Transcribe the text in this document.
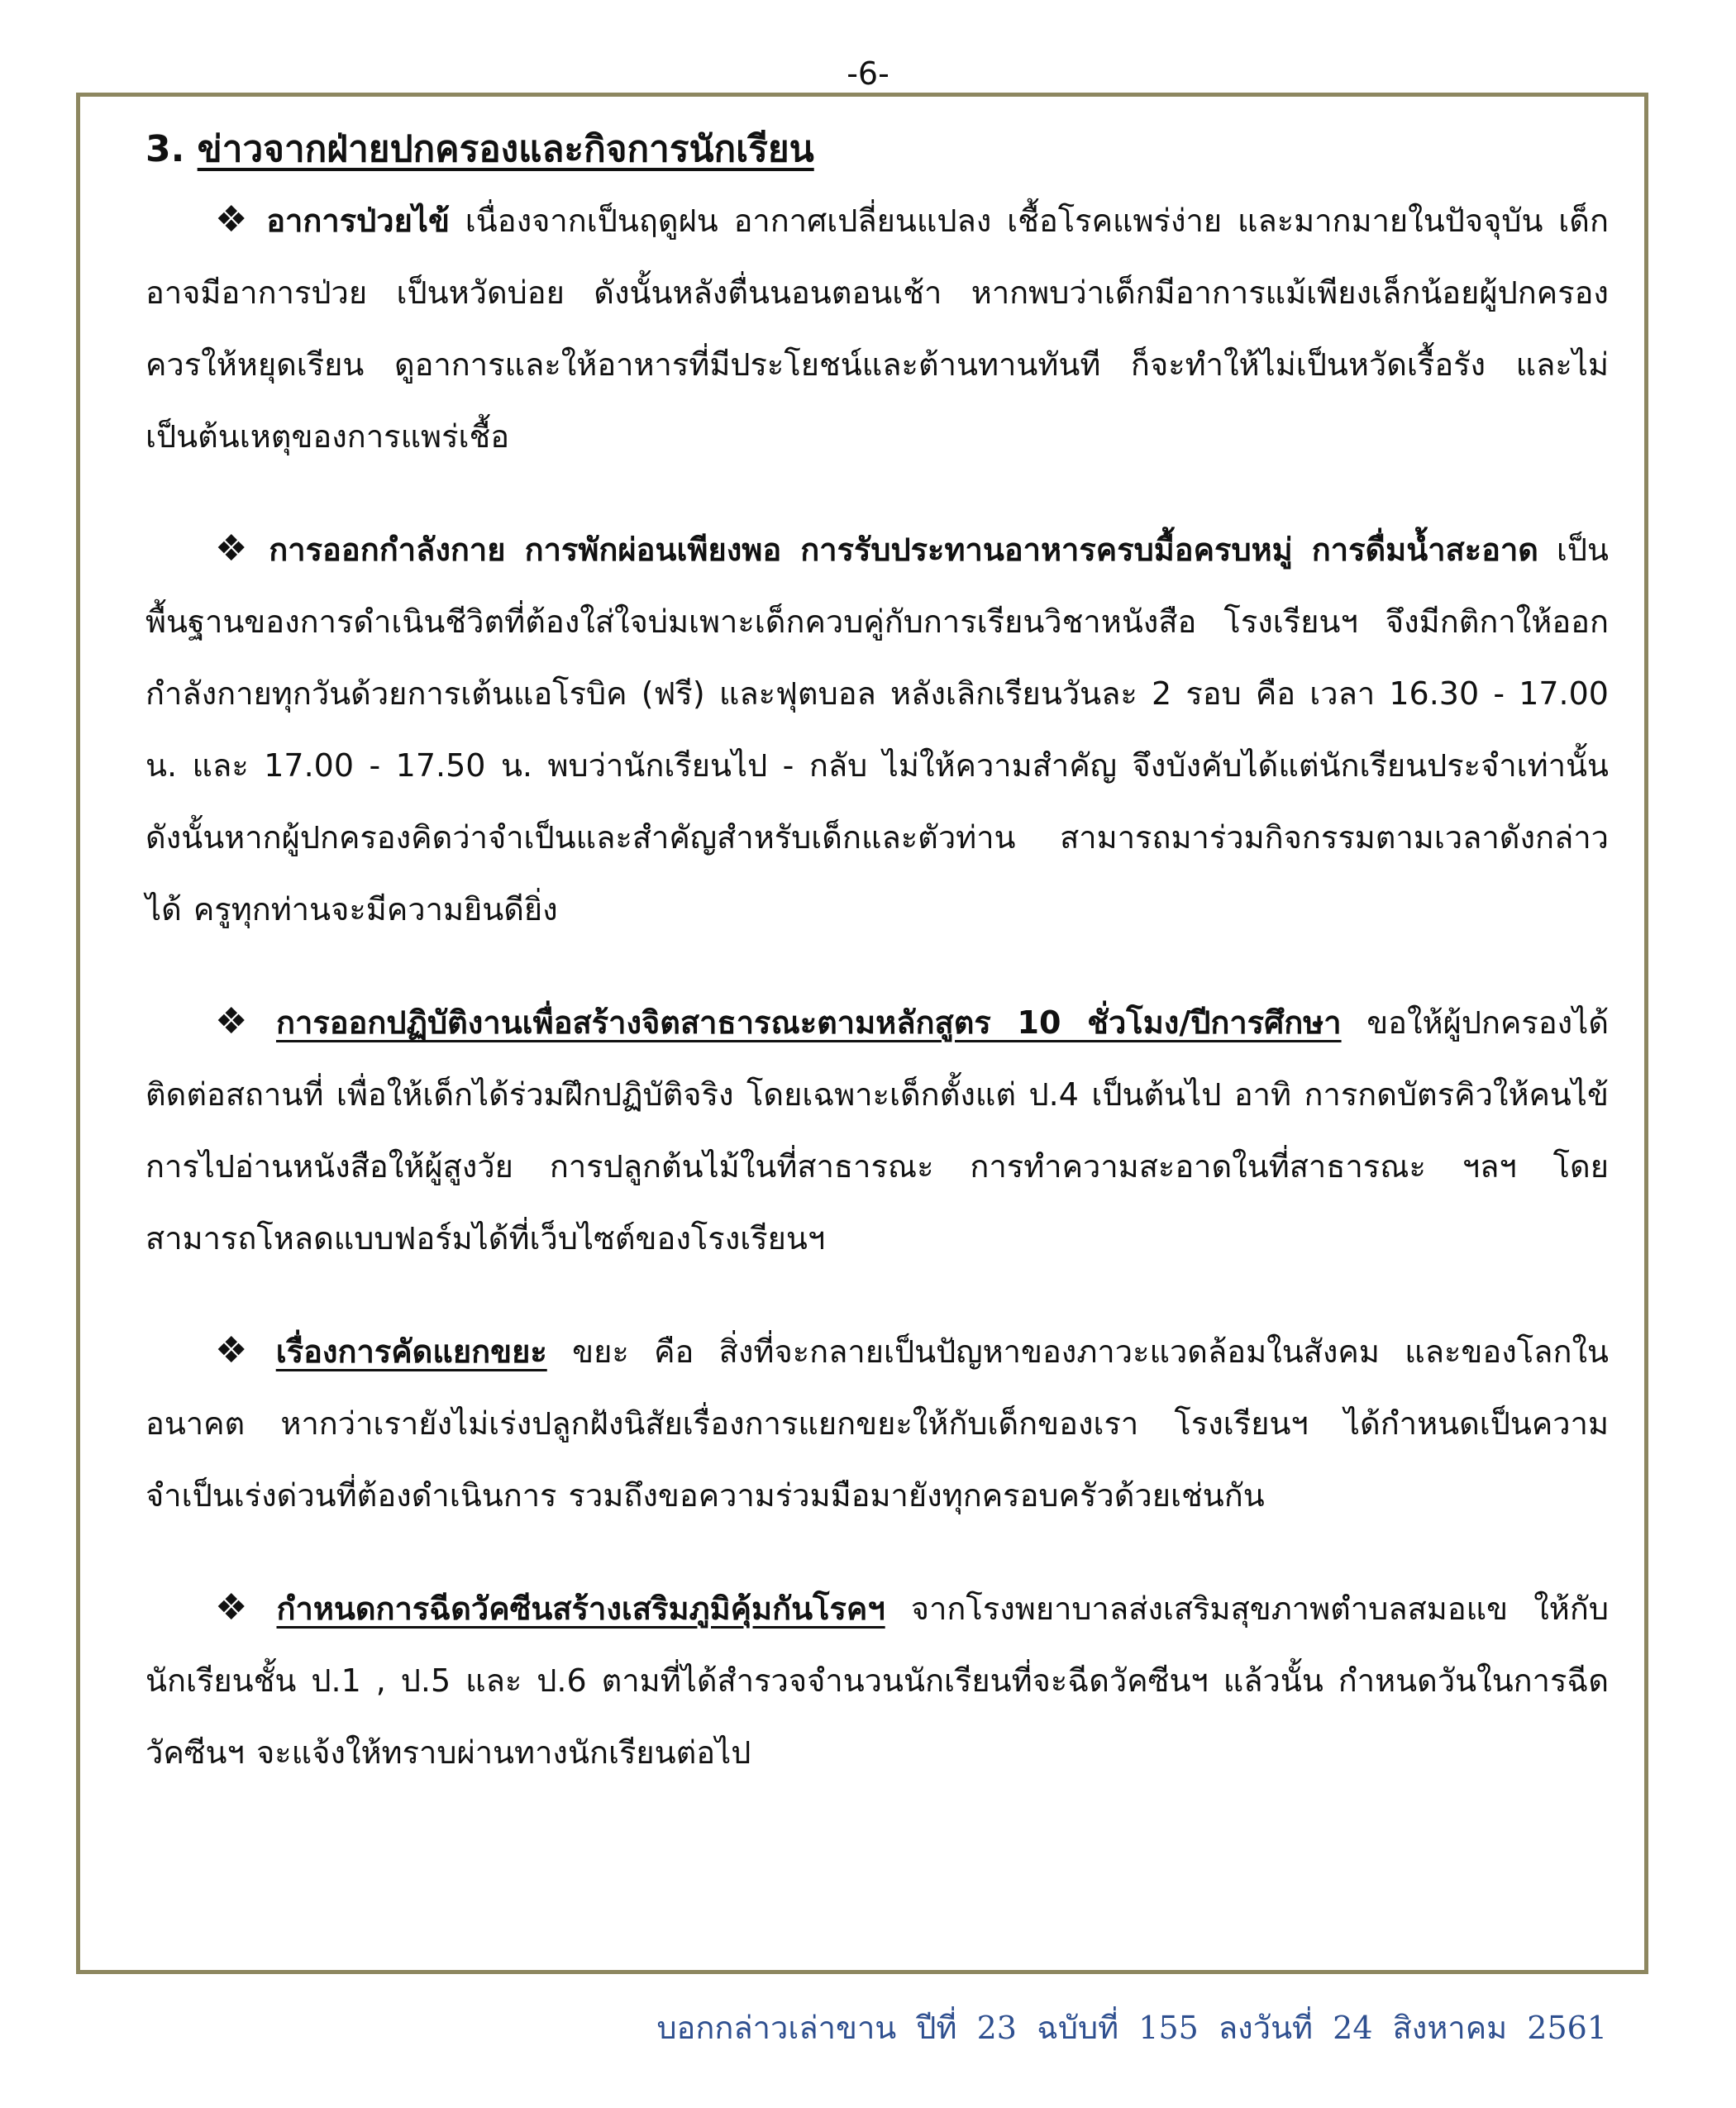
-6-
3. ข่าวจากฝ่ายปกครองและกิจการนักเรียน

❖ อาการป่วยไข้ เนื่องจากเป็นฤดูฝน อากาศเปลี่ยนแปลง เชื้อโรคแพร่ง่าย และมากมายในปัจจุบัน เด็กอาจมีอาการป่วย เป็นหวัดบ่อย ดังนั้นหลังตื่นนอนตอนเช้า หากพบว่าเด็กมีอาการแม้เพียงเล็กน้อยผู้ปกครองควรให้หยุดเรียน ดูอาการและให้อาหารที่มีประโยชน์และต้านทานทันที ก็จะทำให้ไม่เป็นหวัดเรื้อรัง และไม่เป็นต้นเหตุของการแพร่เชื้อ

❖ การออกกำลังกาย การพักผ่อนเพียงพอ การรับประทานอาหารครบมื้อครบหมู่ การดื่มน้ำสะอาด เป็นพื้นฐานของการดำเนินชีวิตที่ต้องใส่ใจบ่มเพาะเด็กควบคู่กับการเรียนวิชาหนังสือ โรงเรียนฯ จึงมีกติกาให้ออกกำลังกายทุกวันด้วยการเต้นแอโรบิค (ฟรี) และฟุตบอล หลังเลิกเรียนวันละ 2 รอบ คือ เวลา 16.30 - 17.00 น. และ 17.00 - 17.50 น. พบว่านักเรียนไป - กลับ ไม่ให้ความสำคัญ จึงบังคับได้แต่นักเรียนประจำเท่านั้น ดังนั้นหากผู้ปกครองคิดว่าจำเป็นและสำคัญสำหรับเด็กและตัวท่าน สามารถมาร่วมกิจกรรมตามเวลาดังกล่าวได้ ครูทุกท่านจะมีความยินดียิ่ง

❖ การออกปฏิบัติงานเพื่อสร้างจิตสาธารณะตามหลักสูตร 10 ชั่วโมง/ปีการศึกษา ขอให้ผู้ปกครองได้ติดต่อสถานที่ เพื่อให้เด็กได้ร่วมฝึกปฏิบัติจริง โดยเฉพาะเด็กตั้งแต่ ป.4 เป็นต้นไป อาทิ การกดบัตรคิวให้คนไข้ การไปอ่านหนังสือให้ผู้สูงวัย การปลูกต้นไม้ในที่สาธารณะ การทำความสะอาดในที่สาธารณะ ฯลฯ โดยสามารถโหลดแบบฟอร์มได้ที่เว็บไซต์ของโรงเรียนฯ

❖ เรื่องการคัดแยกขยะ ขยะ คือ สิ่งที่จะกลายเป็นปัญหาของภาวะแวดล้อมในสังคม และของโลกในอนาคต หากว่าเรายังไม่เร่งปลูกฝังนิสัยเรื่องการแยกขยะให้กับเด็กของเรา โรงเรียนฯ ได้กำหนดเป็นความจำเป็นเร่งด่วนที่ต้องดำเนินการ รวมถึงขอความร่วมมือมายังทุกครอบครัวด้วยเช่นกัน

❖ กำหนดการฉีดวัคซีนสร้างเสริมภูมิคุ้มกันโรคฯ จากโรงพยาบาลส่งเสริมสุขภาพตำบลสมอแข ให้กับนักเรียนชั้น ป.1 , ป.5 และ ป.6 ตามที่ได้สำรวจจำนวนนักเรียนที่จะฉีดวัคซีนฯ แล้วนั้น กำหนดวันในการฉีดวัคซีนฯ จะแจ้งให้ทราบผ่านทางนักเรียนต่อไป

บอกกล่าวเล่าขาน ปีที่ 23 ฉบับที่ 155 ลงวันที่ 24 สิงหาคม 2561
